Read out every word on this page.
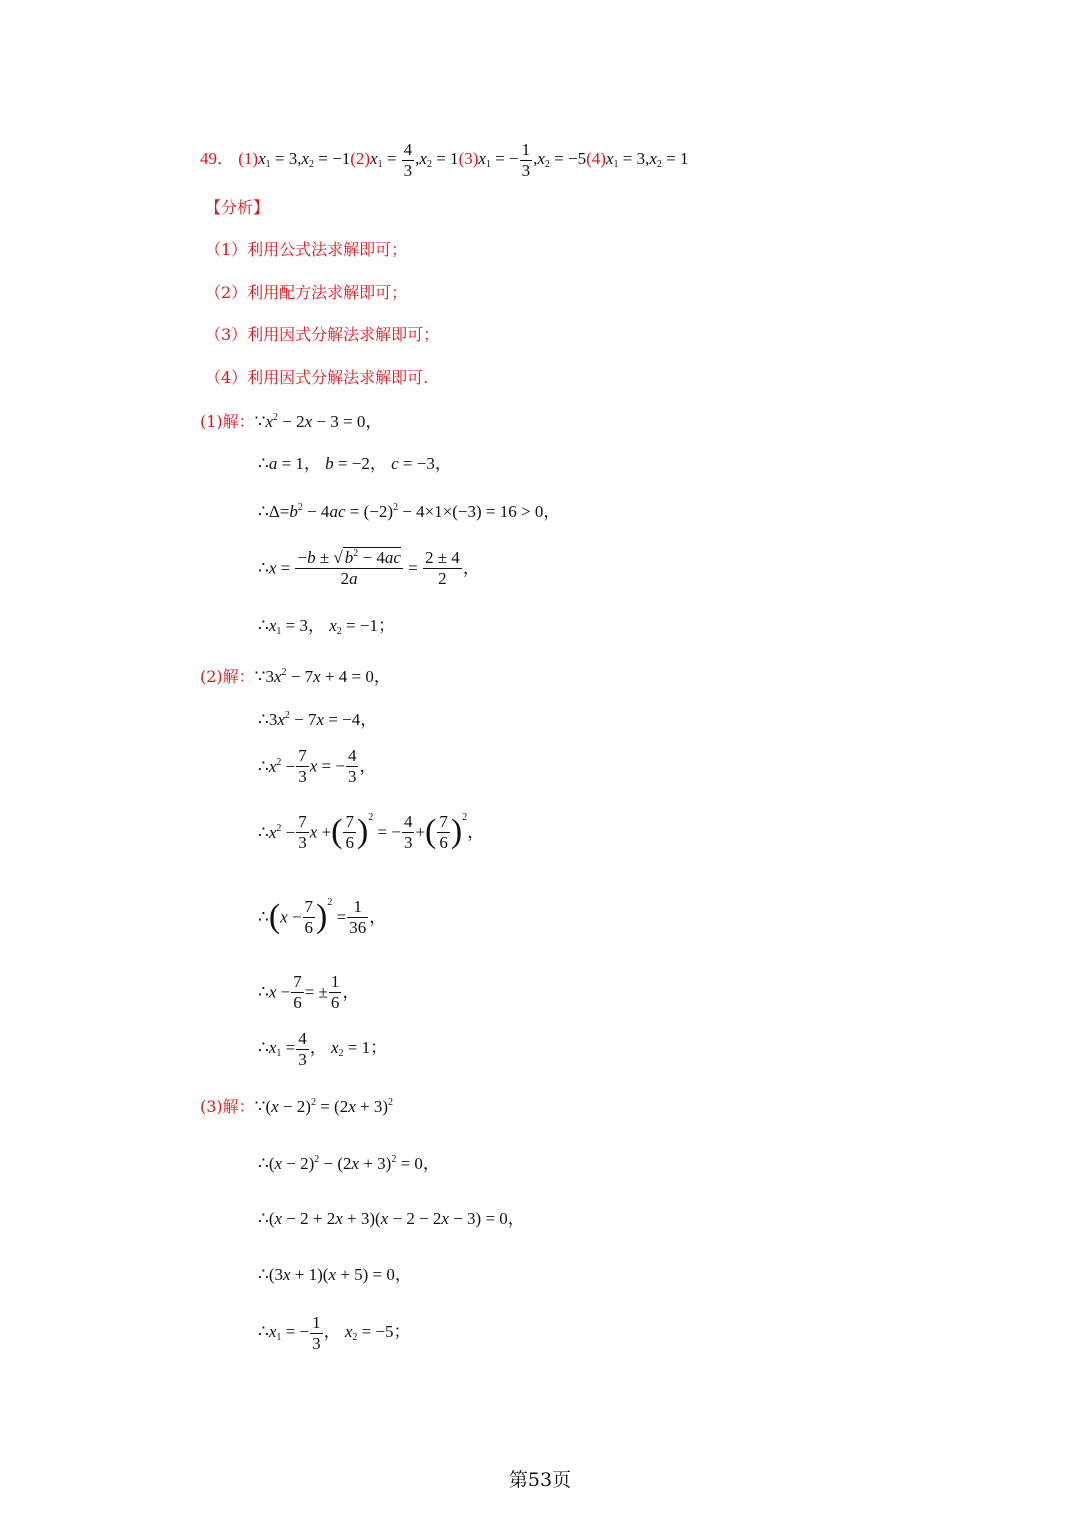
49． $(1)x_1 = 3,x_2 = -1(2)x_1 = \frac{4}{3} ,x_2 = 1(3)x_1$ = − $\frac{1}{3} ,x_2 = -5(4)x_1 = 3,x_2 = 1$
【分析】
（1）利用公式法求解即可；
（2）利用配方法求解即可；
（3）利用因式分解法求解即可；
（4）利用因式分解法求解即可.
(1)解：$\because x^2 - 2x - 3 = 0$，
∴a = 1， b = −2， c = −3，
$\therefore\Delta=b^2 - 4ac = (-2)^2 - 4\times 1\times(-3) = 16 > 0$，
∴x = $\frac{-b \pm √ b^2 - 4ac}{2a} = \frac{2 \pm 4}{2}$ ，
$\therefore x_1 = 3$， $x_2 = -1$；
(2)解：$\because 3x^2 - 7x + 4 = 0$，
$\therefore 3x^2 - 7x = -4$，
$\therefore x^2 - \frac{7}{3}$ x = − $\frac{4}{3}$ ，
$\therefore x^2 - \frac{7}{3}$ x +( $\frac{7}{6} )^2$ = − $\frac{4}{3}$ +( $\frac{7}{6} )^2$，
∴(x − $\frac{7}{6} )^2 = \frac{1}{36}$ ，
∴x − $\frac{7}{6}$ = ± $\frac{1}{6}$ ，
$\therefore x_1 = \frac{4}{3}$ ， $x_2 = 1$；
(3)解：∵(x − $2)^2 = (2x + 3)^2$
∴(x − $2)^2 - (2x + 3)^2 = 0$，
∴(x − 2 + 2x + 3)(x − 2 − 2x − 3) = 0，
∴(3x + 1)(x + 5) = 0，
$\therefore x_1$ = − $\frac{1}{3}$ ， $x_2 = -5$；
第53页
